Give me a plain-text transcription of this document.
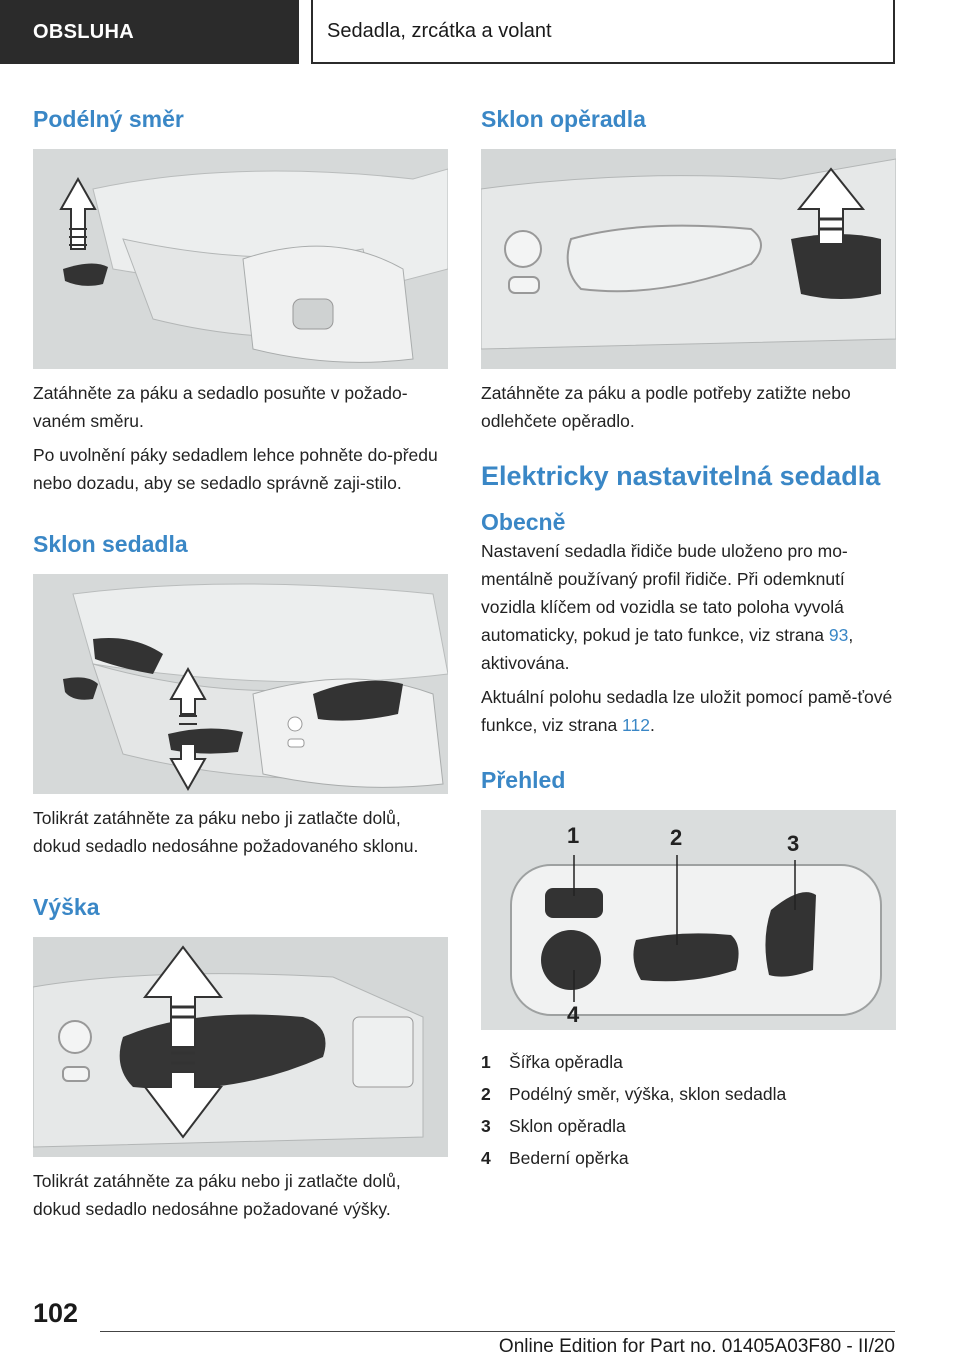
OBSLUHA	Sedadla, zrcátka a volant
Podélný směr

Zatáhněte za páku a sedadlo posuňte v požado-vaném směru.

Po uvolnění páky sedadlem lehce pohněte do-předu nebo dozadu, aby se sedadlo správně zaji-stilo.

Sklon sedadla

Tolikrát zatáhněte za páku nebo ji zatlačte dolů, dokud sedadlo nedosáhne požadovaného sklonu.

Výška

Tolikrát zatáhněte za páku nebo ji zatlačte dolů, dokud sedadlo nedosáhne požadované výšky.

Sklon opěradla

Zatáhněte za páku a podle potřeby zatižte nebo odlehčete opěradlo.

Elektricky nastavitelná sedadla
Obecně

Nastavení sedadla řidiče bude uloženo pro mo-mentálně používaný profil řidiče. Při odemknutí vozidla klíčem od vozidla se tato poloha vyvolá automaticky, pokud je tato funkce, viz strana 93, aktivována.

Aktuální polohu sedadla lze uložit pomocí pamě-ťové funkce, viz strana 112.

Přehled
1	2	3
4
1	Šířka opěradla
2	Podélný směr, výška, sklon sedadla
3	Sklon opěradla
4	Bederní opěrka
102
Online Edition for Part no. 01405A03F80 - II/20
